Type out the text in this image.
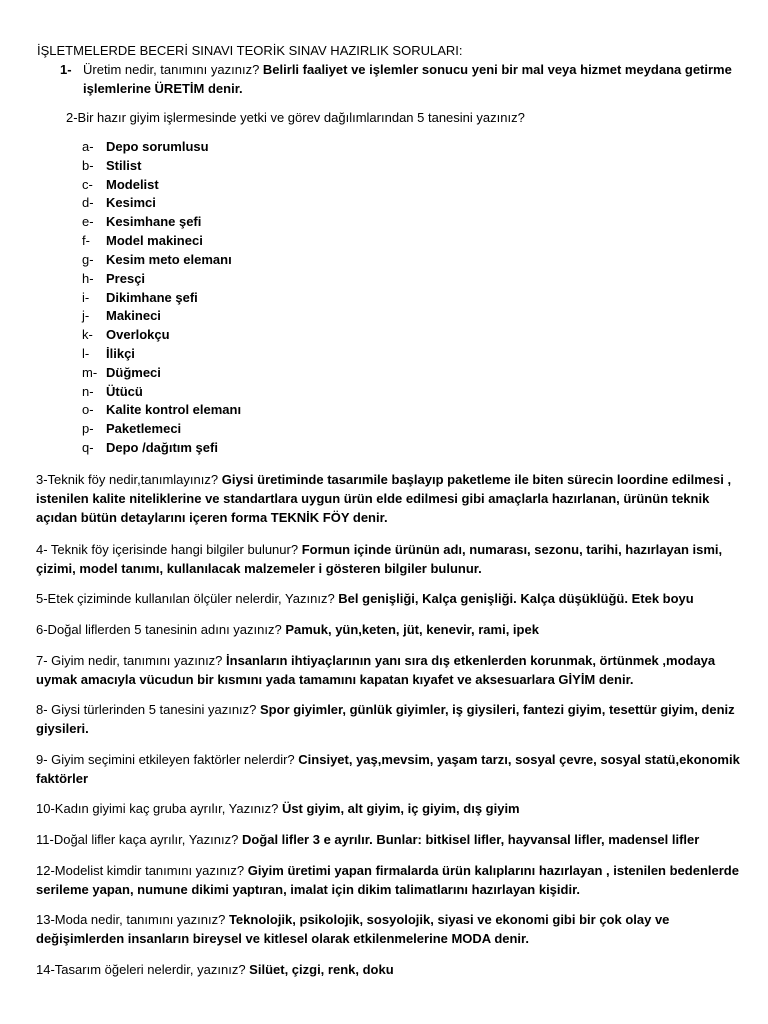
İŞLETMELERDE BECERİ SINAVI TEORİK SINAV HAZIRLIK SORULARI:
1- Üretim nedir, tanımını yazınız? Belirli faaliyet ve işlemler sonucu yeni bir mal veya hizmet meydana getirme işlemlerine ÜRETİM denir.
2-Bir hazır giyim işlermesinde yetki ve görev dağılımlarından 5 tanesini yazınız?
a- Depo sorumlusu
b- Stilist
c- Modelist
d- Kesimci
e- Kesimhane şefi
f- Model makineci
g- Kesim meto elemanı
h- Presçi
i- Dikimhane şefi
j- Makineci
k- Overlokçu
l- İlikçi
m- Düğmeci
n- Ütücü
o- Kalite kontrol elemanı
p- Paketlemeci
q- Depo /dağıtım şefi
3-Teknik föy nedir,tanımlayınız? Giysi üretiminde tasarımile başlayıp paketleme ile biten sürecin loordine edilmesi , istenilen kalite niteliklerine ve standartlara uygun ürün elde edilmesi gibi amaçlarla hazırlanan, ürünün teknik açıdan bütün detaylarını içeren forma TEKNİK FÖY denir.
4- Teknik föy içerisinde hangi bilgiler bulunur? Formun içinde ürünün adı, numarası, sezonu, tarihi, hazırlayan ismi, çizimi, model tanımı, kullanılacak malzemeler i gösteren bilgiler bulunur.
5-Etek çiziminde kullanılan ölçüler nelerdir, Yazınız? Bel genişliği, Kalça genişliği. Kalça düşüklüğü. Etek boyu
6-Doğal liflerden 5 tanesinin adını yazınız? Pamuk, yün,keten, jüt, kenevir, rami, ipek
7- Giyim nedir, tanımını yazınız? İnsanların ihtiyaçlarının yanı sıra dış etkenlerden korunmak, örtünmek ,modaya uymak amacıyla vücudun bir kısmını yada tamamını kapatan kıyafet ve aksesuarlara GİYİM denir.
8- Giysi türlerinden 5 tanesini yazınız? Spor giyimler, günlük giyimler, iş giysileri, fantezi giyim, tesettür giyim, deniz giysileri.
9- Giyim seçimini etkileyen faktörler nelerdir? Cinsiyet, yaş,mevsim, yaşam tarzı, sosyal çevre, sosyal statü,ekonomik faktörler
10-Kadın giyimi kaç gruba ayrılır, Yazınız? Üst giyim, alt giyim, iç giyim, dış giyim
11-Doğal lifler kaça ayrılır, Yazınız? Doğal lifler 3 e ayrılır. Bunlar: bitkisel lifler, hayvansal lifler, madensel lifler
12-Modelist kimdir tanımını yazınız? Giyim üretimi yapan firmalarda ürün kalıplarını hazırlayan , istenilen bedenlerde serileme yapan, numune dikimi yaptıran, imalat için dikim talimatlarını hazırlayan kişidir.
13-Moda nedir, tanımını yazınız? Teknolojik, psikolojik, sosyolojik, siyasi ve ekonomi gibi bir çok olay ve değişimlerden insanların bireysel ve kitlesel olarak etkilenmelerine MODA denir.
14-Tasarım öğeleri nelerdir, yazınız? Silüet, çizgi, renk, doku
